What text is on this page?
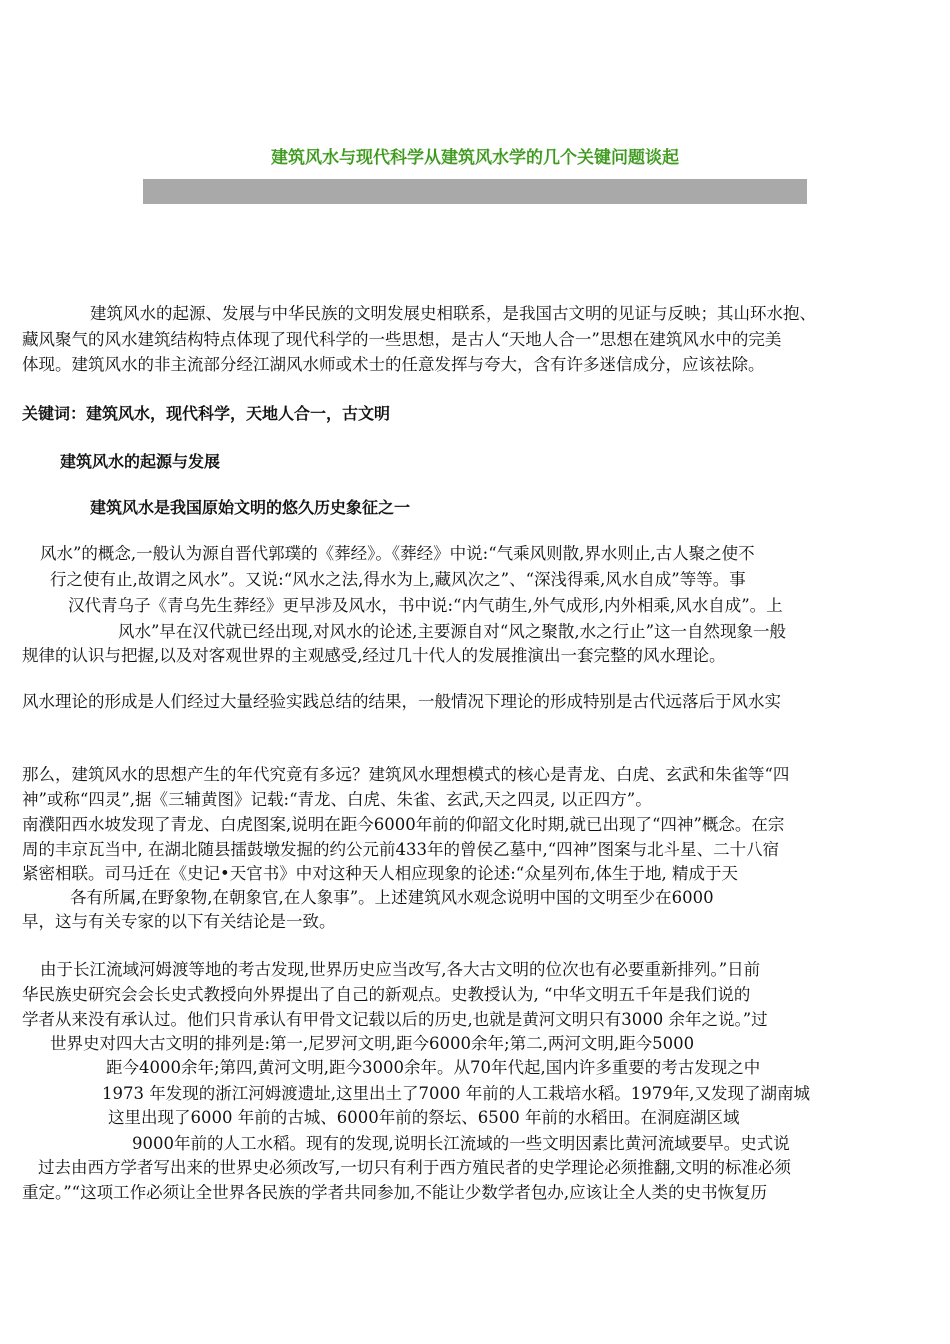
建筑风水与现代科学从建筑风水学的几个关键问题谈起

建筑风水的起源、发展与中华民族的文明发展史相联系，是我国古文明的见证与反映；其山环水抱、

藏风聚气的风水建筑结构特点体现了现代科学的一些思想，是古人“天地人合一”思想在建筑风水中的完美

体现。建筑风水的非主流部分经江湖风水师或术士的任意发挥与夸大，含有许多迷信成分，应该祛除。

关键词：建筑风水，现代科学，天地人合一，古文明

建筑风水的起源与发展

建筑风水是我国原始文明的悠久历史象征之一

风水”的概念,一般认为源自晋代郭璞的《葬经》。《葬经》中说:“气乘风则散,界水则止,古人聚之使不

行之使有止,故谓之风水”。又说:“风水之法,得水为上,藏风次之”、“深浅得乘,风水自成”等等。事

汉代青乌子《青乌先生葬经》更早涉及风水，书中说:“内气萌生,外气成形,内外相乘,风水自成”。上

风水”早在汉代就已经出现,对风水的论述,主要源自对“风之聚散,水之行止”这一自然现象一般

规律的认识与把握,以及对客观世界的主观感受,经过几十代人的发展推演出一套完整的风水理论。

风水理论的形成是人们经过大量经验实践总结的结果，一般情况下理论的形成特别是古代远落后于风水实

那么，建筑风水的思想产生的年代究竟有多远？建筑风水理想模式的核心是青龙、白虎、玄武和朱雀等“四

神”或称“四灵”,据《三辅黄图》记载:“青龙、白虎、朱雀、玄武,天之四灵, 以正四方”。

南濮阳西水坡发现了青龙、白虎图案,说明在距今6000年前的仰韶文化时期,就已出现了“四神”概念。在宗

周的丰京瓦当中, 在湖北随县擂鼓墩发掘的约公元前433年的曾侯乙墓中,“四神”图案与北斗星、二十八宿

紧密相联。司马迁在《史记•天官书》中对这种天人相应现象的论述:“众星列布,体生于地, 精成于天

各有所属,在野象物,在朝象官,在人象事”。上述建筑风水观念说明中国的文明至少在6000

早，这与有关专家的以下有关结论是一致。

由于长江流域河姆渡等地的考古发现,世界历史应当改写,各大古文明的位次也有必要重新排列。”日前

华民族史研究会会长史式教授向外界提出了自己的新观点。史教授认为, “中华文明五千年是我们说的

学者从来没有承认过。他们只肯承认有甲骨文记载以后的历史,也就是黄河文明只有3000 余年之说。”过

世界史对四大古文明的排列是:第一,尼罗河文明,距今6000余年;第二,两河文明,距今5000

距今4000余年;第四,黄河文明,距今3000余年。从70年代起,国内许多重要的考古发现之中

1973 年发现的浙江河姆渡遗址,这里出土了7000 年前的人工栽培水稻。1979年,又发现了湖南城

这里出现了6000 年前的古城、6000年前的祭坛、6500 年前的水稻田。在洞庭湖区域

9000年前的人工水稻。现有的发现,说明长江流域的一些文明因素比黄河流域要早。史式说

过去由西方学者写出来的世界史必须改写,一切只有利于西方殖民者的史学理论必须推翻,文明的标准必须

重定。”“这项工作必须让全世界各民族的学者共同参加,不能让少数学者包办,应该让全人类的史书恢复历
